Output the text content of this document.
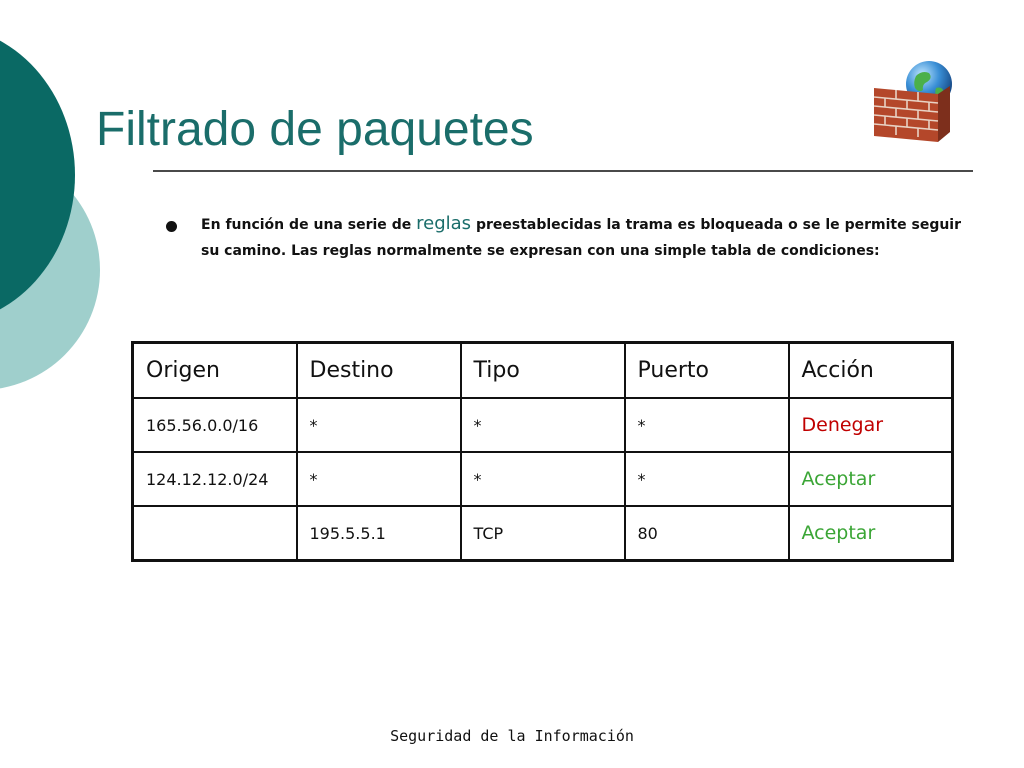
Filtrado de paquetes

En función de una serie de reglas preestablecidas la trama es bloqueada o se le permite seguir su camino. Las reglas normalmente se expresan con una simple tabla de condiciones:

Origen	Destino	Tipo	Puerto	Acción
165.56.0.0/16	*	*	*	Denegar
124.12.12.0/24	*	*	*	Aceptar
	195.5.5.1	TCP	80	Aceptar
Seguridad de la Información
